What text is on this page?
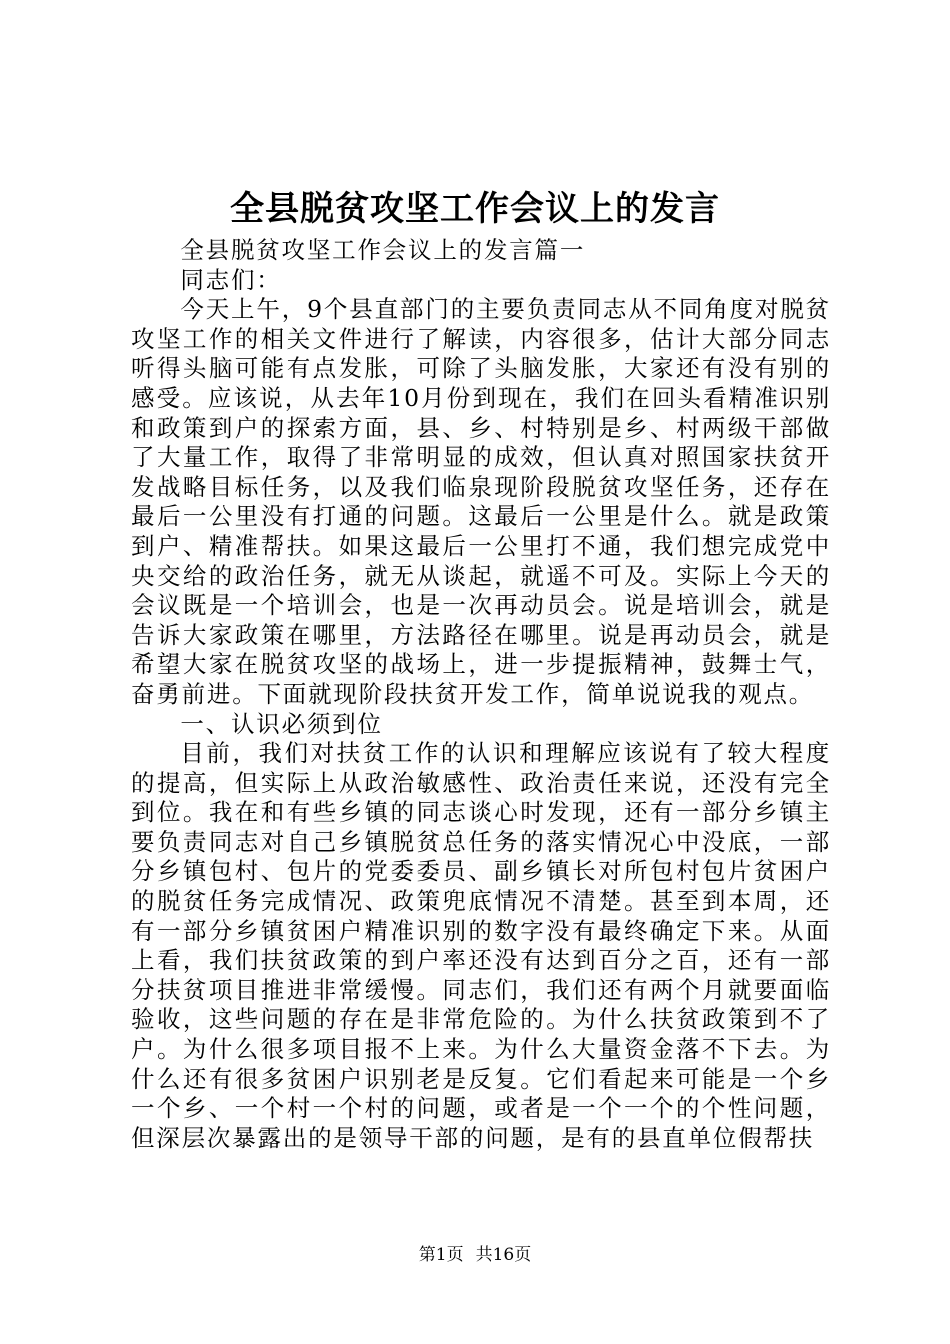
全县脱贫攻坚工作会议上的发言

全县脱贫攻坚工作会议上的发言篇一

同志们：

今天上午，9个县直部门的主要负责同志从不同角度对脱贫攻坚工作的相关文件进行了解读，内容很多，估计大部分同志听得头脑可能有点发胀，可除了头脑发胀，大家还有没有别的感受。应该说，从去年10月份到现在，我们在回头看精准识别和政策到户的探索方面，县、乡、村特别是乡、村两级干部做了大量工作，取得了非常明显的成效，但认真对照国家扶贫开发战略目标任务，以及我们临泉现阶段脱贫攻坚任务，还存在最后一公里没有打通的问题。这最后一公里是什么。就是政策到户、精准帮扶。如果这最后一公里打不通，我们想完成党中央交给的政治任务，就无从谈起，就遥不可及。实际上今天的会议既是一个培训会，也是一次再动员会。说是培训会，就是告诉大家政策在哪里，方法路径在哪里。说是再动员会，就是希望大家在脱贫攻坚的战场上，进一步提振精神，鼓舞士气，奋勇前进。下面就现阶段扶贫开发工作，简单说说我的观点。

一、认识必须到位

目前，我们对扶贫工作的认识和理解应该说有了较大程度的提高，但实际上从政治敏感性、政治责任来说，还没有完全到位。我在和有些乡镇的同志谈心时发现，还有一部分乡镇主要负责同志对自己乡镇脱贫总任务的落实情况心中没底，一部分乡镇包村、包片的党委委员、副乡镇长对所包村包片贫困户的脱贫任务完成情况、政策兜底情况不清楚。甚至到本周，还有一部分乡镇贫困户精准识别的数字没有最终确定下来。从面上看，我们扶贫政策的到户率还没有达到百分之百，还有一部分扶贫项目推进非常缓慢。同志们，我们还有两个月就要面临验收，这些问题的存在是非常危险的。为什么扶贫政策到不了户。为什么很多项目报不上来。为什么大量资金落不下去。为什么还有很多贫困户识别老是反复。它们看起来可能是一个乡一个乡、一个村一个村的问题，或者是一个一个的个性问题，但深层次暴露出的是领导干部的问题，是有的县直单位假帮扶

第1页 共16页
